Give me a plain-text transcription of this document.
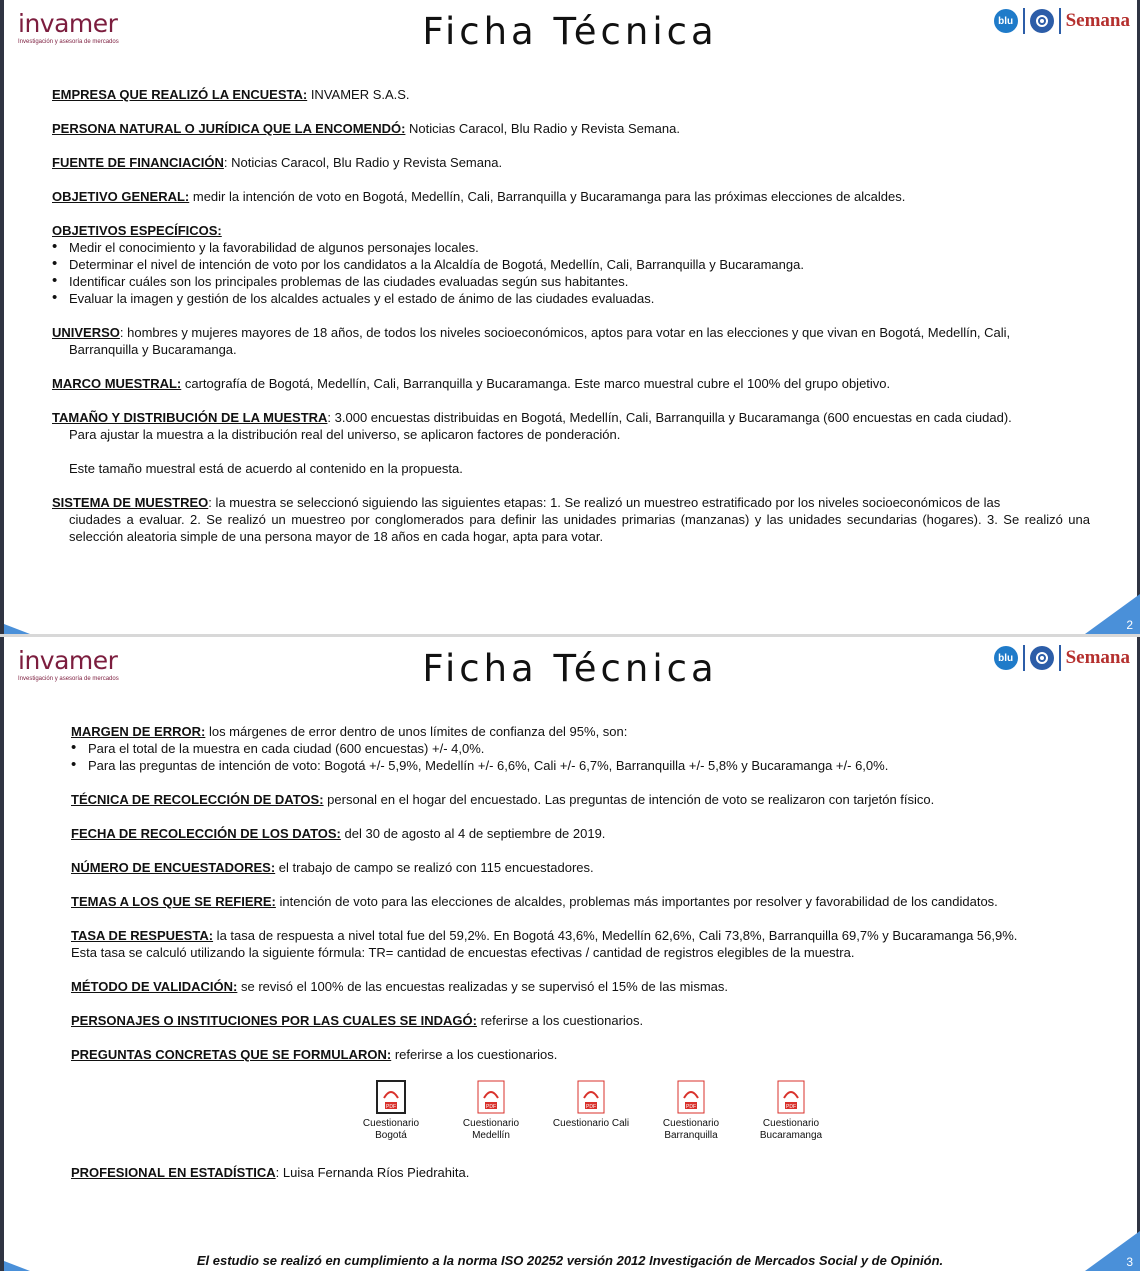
invamer
Investigación y asesoría de mercados	Ficha Técnica	blu	Semana

EMPRESA QUE REALIZÓ LA ENCUESTA: INVAMER S.A.S.

PERSONA NATURAL O JURÍDICA QUE LA ENCOMENDÓ: Noticias Caracol, Blu Radio y Revista Semana.

FUENTE DE FINANCIACIÓN: Noticias Caracol, Blu Radio y Revista Semana.

OBJETIVO GENERAL: medir la intención de voto en Bogotá, Medellín, Cali, Barranquilla y Bucaramanga para las próximas elecciones de alcaldes.

OBJETIVOS ESPECÍFICOS:
• Medir el conocimiento y la favorabilidad de algunos personajes locales.
• Determinar el nivel de intención de voto por los candidatos a la Alcaldía de Bogotá, Medellín, Cali, Barranquilla y Bucaramanga.
• Identificar cuáles son los principales problemas de las ciudades evaluadas según sus habitantes.
• Evaluar la imagen y gestión de los alcaldes actuales y el estado de ánimo de las ciudades evaluadas.

UNIVERSO: hombres y mujeres mayores de 18 años, de todos los niveles socioeconómicos, aptos para votar en las elecciones y que vivan en Bogotá, Medellín, Cali,
Barranquilla y Bucaramanga.

MARCO MUESTRAL: cartografía de Bogotá, Medellín, Cali, Barranquilla y Bucaramanga. Este marco muestral cubre el 100% del grupo objetivo.

TAMAÑO Y DISTRIBUCIÓN DE LA MUESTRA: 3.000 encuestas distribuidas en Bogotá, Medellín, Cali, Barranquilla y Bucaramanga (600 encuestas en cada ciudad).
Para ajustar la muestra a la distribución real del universo, se aplicaron factores de ponderación.

Este tamaño muestral está de acuerdo al contenido en la propuesta.

SISTEMA DE MUESTREO: la muestra se seleccionó siguiendo las siguientes etapas: 1. Se realizó un muestreo estratificado por los niveles socioeconómicos de las
ciudades a evaluar. 2. Se realizó un muestreo por conglomerados para definir las unidades primarias (manzanas) y las unidades secundarias (hogares). 3. Se realizó una selección aleatoria simple de una persona mayor de 18 años en cada hogar, apta para votar.

2
invamer
Investigación y asesoría de mercados	Ficha Técnica	blu	Semana
MARGEN DE ERROR: los márgenes de error dentro de unos límites de confianza del 95%, son:
• Para el total de la muestra en cada ciudad (600 encuestas) +/- 4,0%.
• Para las preguntas de intención de voto: Bogotá +/- 5,9%, Medellín +/- 6,6%, Cali +/- 6,7%, Barranquilla +/- 5,8% y Bucaramanga +/- 6,0%.

TÉCNICA DE RECOLECCIÓN DE DATOS: personal en el hogar del encuestado. Las preguntas de intención de voto se realizaron con tarjetón físico.

FECHA DE RECOLECCIÓN DE LOS DATOS: del 30 de agosto al 4 de septiembre de 2019.

NÚMERO DE ENCUESTADORES: el trabajo de campo se realizó con 115 encuestadores.

TEMAS A LOS QUE SE REFIERE: intención de voto para las elecciones de alcaldes, problemas más importantes por resolver y favorabilidad de los candidatos.

TASA DE RESPUESTA: la tasa de respuesta a nivel total fue del 59,2%. En Bogotá 43,6%, Medellín 62,6%, Cali 73,8%, Barranquilla 69,7% y Bucaramanga 56,9%.
Esta tasa se calculó utilizando la siguiente fórmula: TR= cantidad de encuestas efectivas / cantidad de registros elegibles de la muestra.

MÉTODO DE VALIDACIÓN: se revisó el 100% de las encuestas realizadas y se supervisó el 15% de las mismas.

PERSONAJES O INSTITUCIONES POR LAS CUALES SE INDAGÓ: referirse a los cuestionarios.

PREGUNTAS CONCRETAS QUE SE FORMULARON: referirse a los cuestionarios.

PDF
Cuestionario
Bogotá
PDF
Cuestionario
Medellín
PDF
Cuestionario Cali
PDF
Cuestionario
Barranquilla
PDF
Cuestionario
Bucaramanga

PROFESIONAL EN ESTADÍSTICA: Luisa Fernanda Ríos Piedrahita.

El estudio se realizó en cumplimiento a la norma ISO 20252 versión 2012 Investigación de Mercados Social y de Opinión.	3
